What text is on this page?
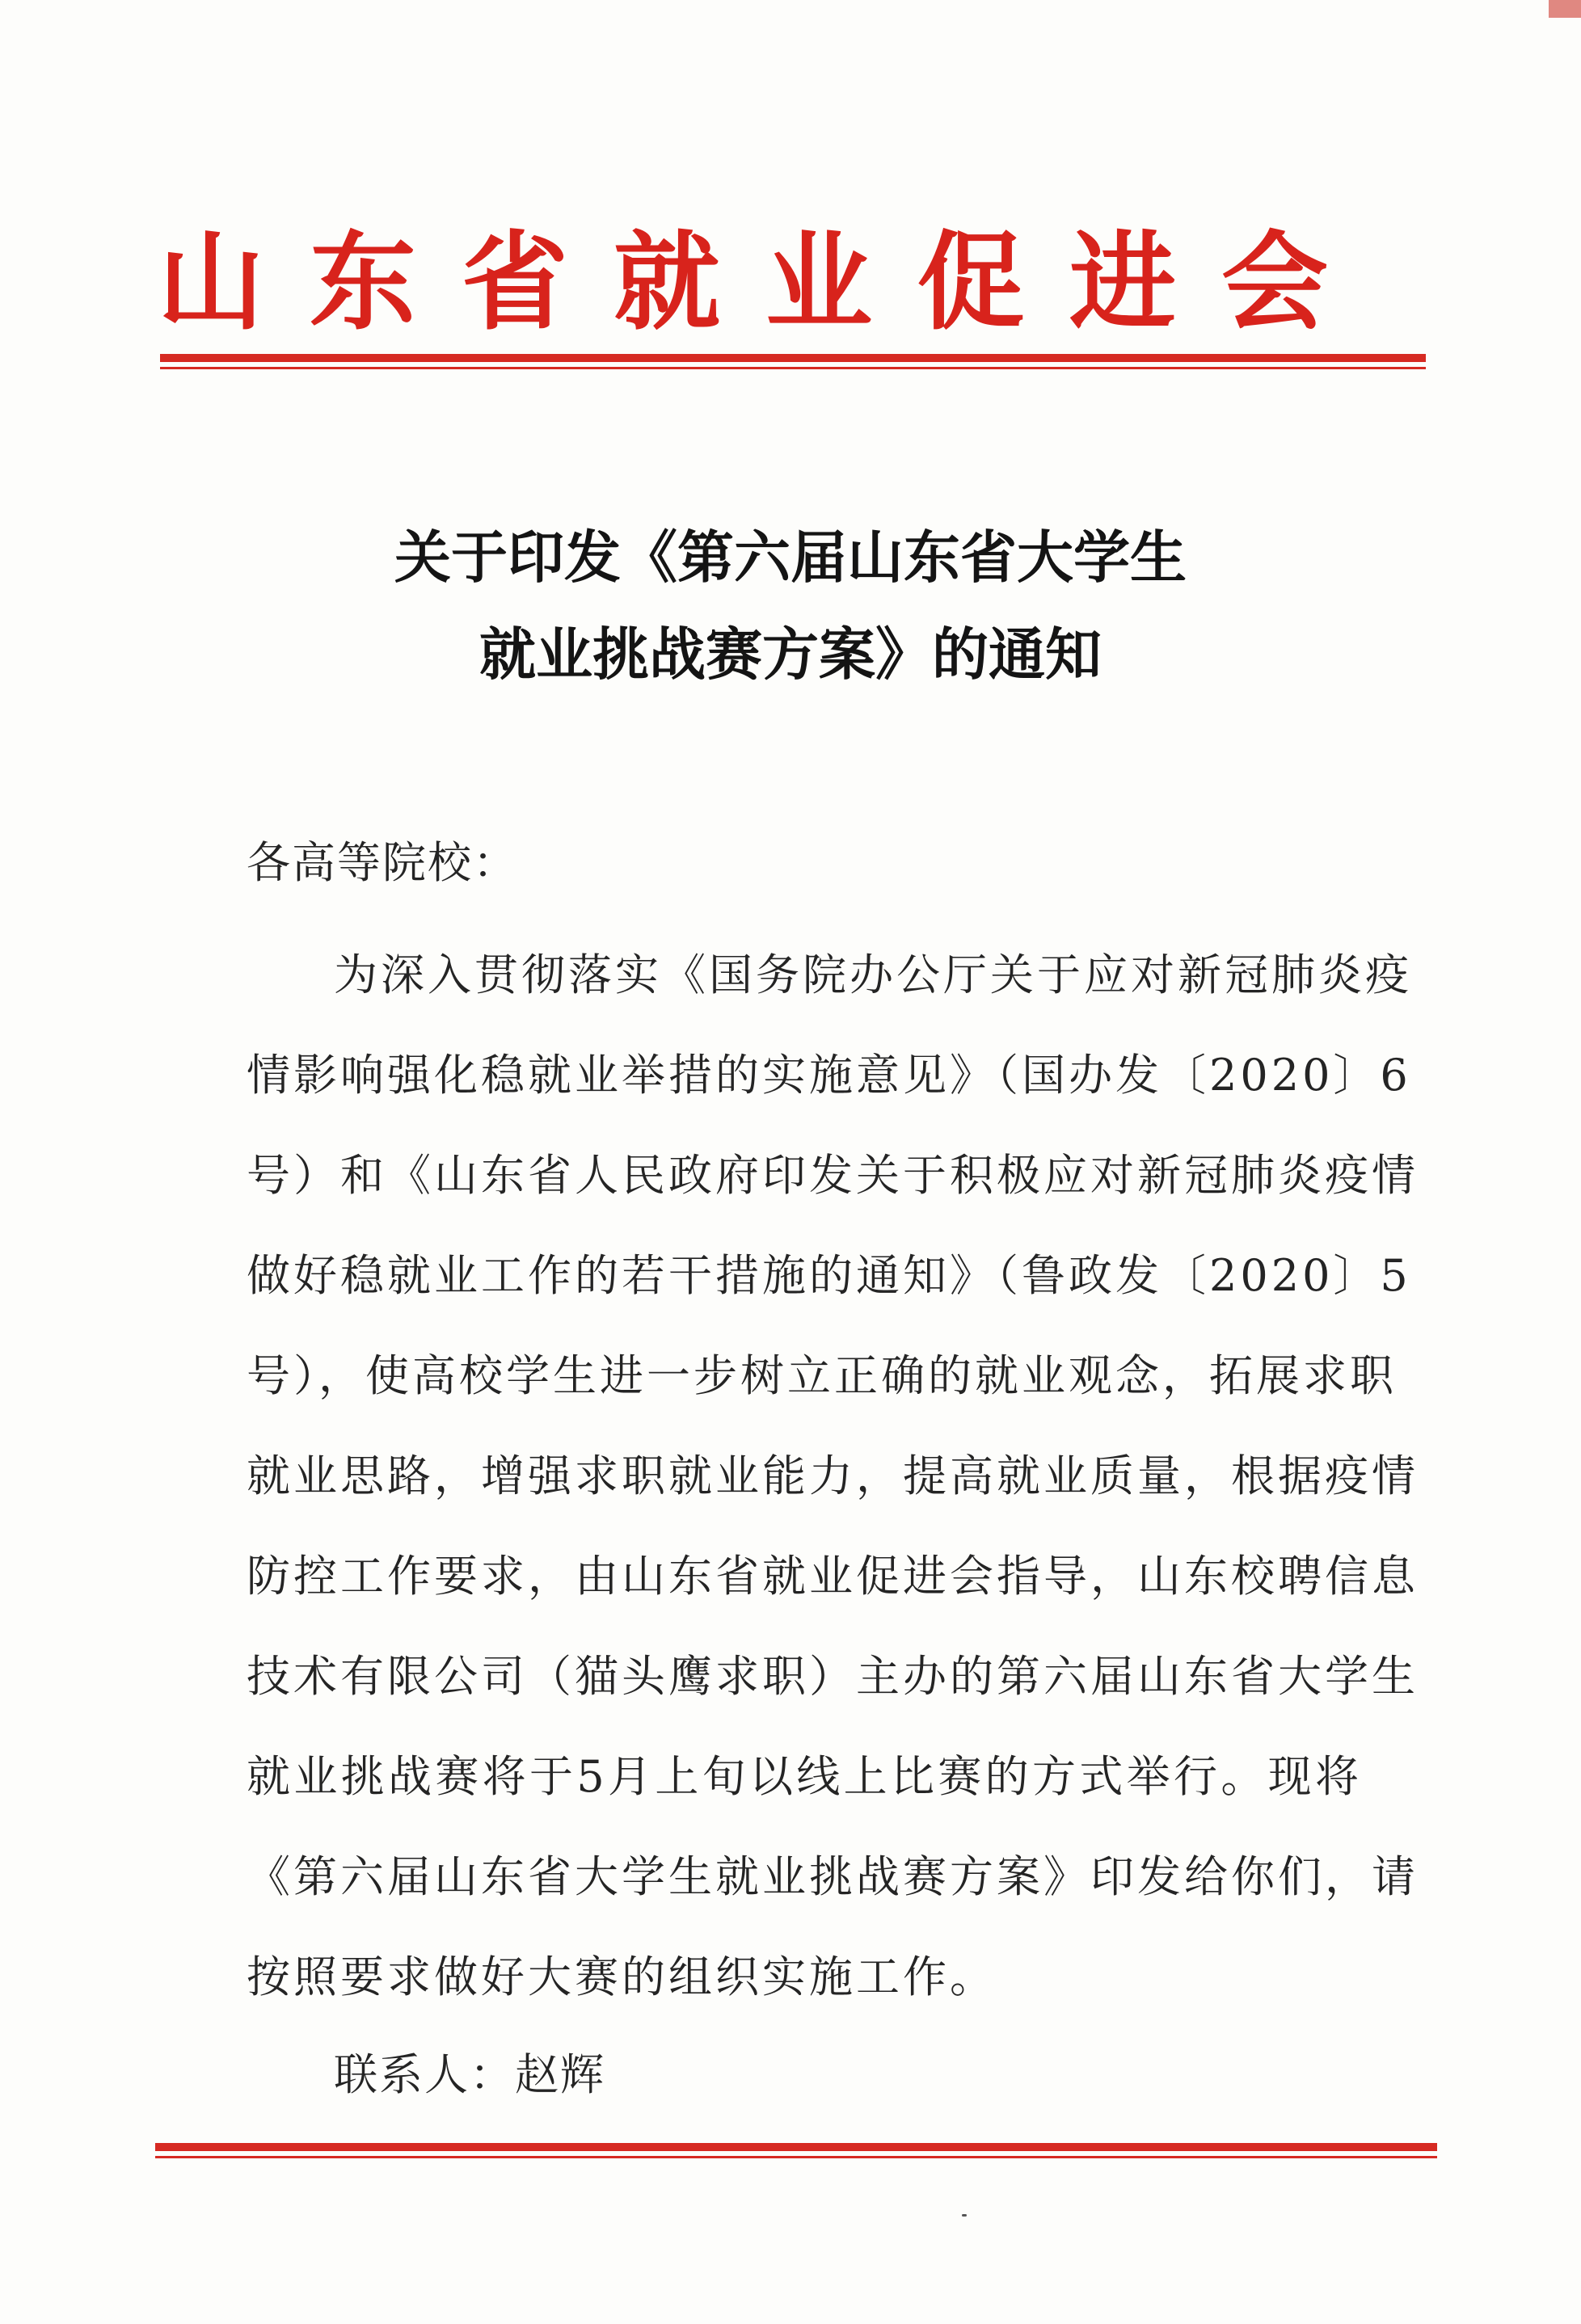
山东省就业促进会
关于印发《第六届山东省大学生
就业挑战赛方案》的通知
各高等院校：
为深入贯彻落实《国务院办公厅关于应对新冠肺炎疫
情影响强化稳就业举措的实施意见》（国办发〔2020〕6
号）和《山东省人民政府印发关于积极应对新冠肺炎疫情
做好稳就业工作的若干措施的通知》（鲁政发〔2020〕5
号），使高校学生进一步树立正确的就业观念，拓展求职
就业思路，增强求职就业能力，提高就业质量，根据疫情
防控工作要求，由山东省就业促进会指导，山东校聘信息
技术有限公司（猫头鹰求职）主办的第六届山东省大学生
就业挑战赛将于5月上旬以线上比赛的方式举行。现将
《第六届山东省大学生就业挑战赛方案》印发给你们，请
按照要求做好大赛的组织实施工作。
联系人：赵辉
